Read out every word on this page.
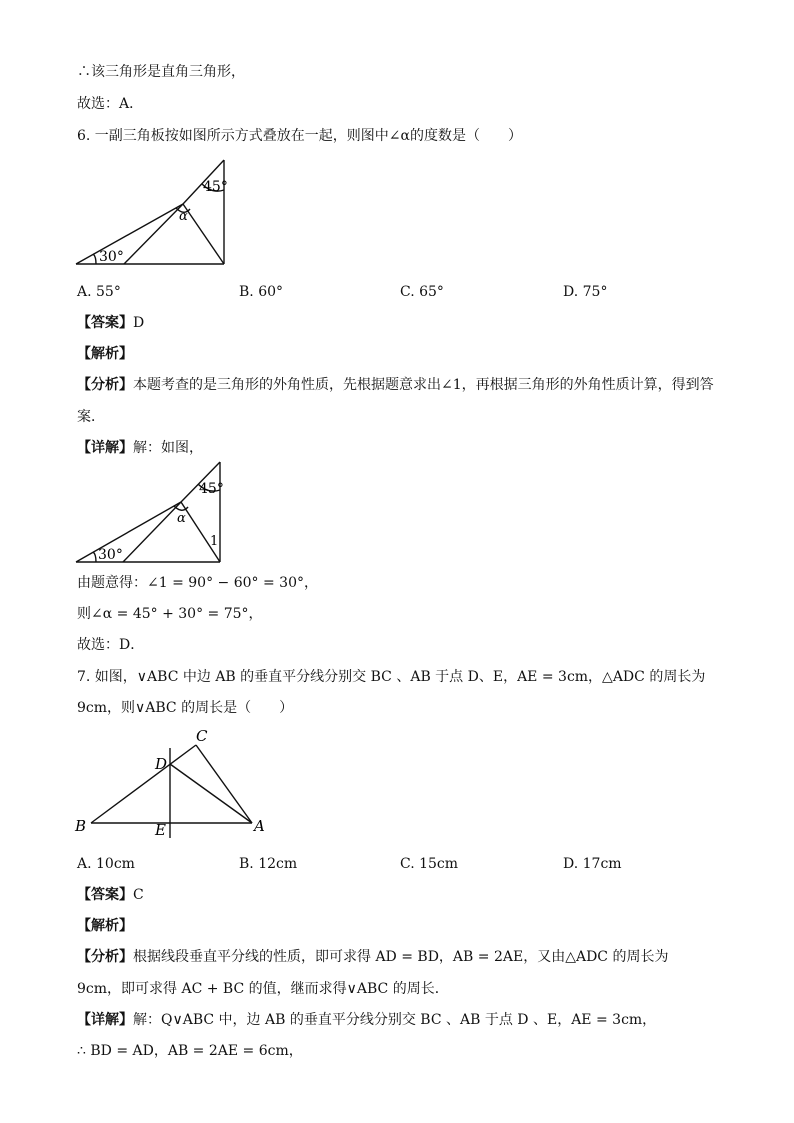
∴该三角形是直角三角形，
故选：A．
6. 一副三角板按如图所示方式叠放在一起，则图中∠α的度数是（　　）
45°
30°
α
A. 55°	B. 60°	C. 65°	D. 75°
【答案】D
【解析】
【分析】本题考查的是三角形的外角性质，先根据题意求出∠1，再根据三角形的外角性质计算，得到答
案．
【详解】解：如图，
45°
30°
α
1
由题意得：∠1 = 90° − 60° = 30°，
则∠α = 45° + 30° = 75°，
故选：D．
7. 如图，∨ABC 中边 AB 的垂直平分线分别交 BC 、AB 于点 D、E，AE = 3cm，△ADC 的周长为
9cm，则∨ABC 的周长是（　　）
B
C
D
E	A
A. 10cm	B. 12cm	C. 15cm	D. 17cm
【答案】C
【解析】
【分析】根据线段垂直平分线的性质，即可求得 AD = BD，AB = 2AE，又由△ADC 的周长为
9cm，即可求得 AC + BC 的值，继而求得∨ABC 的周长．
【详解】解：Q∨ABC 中，边 AB 的垂直平分线分别交 BC 、AB 于点 D 、E，AE = 3cm，
∴ BD = AD，AB = 2AE = 6cm，
